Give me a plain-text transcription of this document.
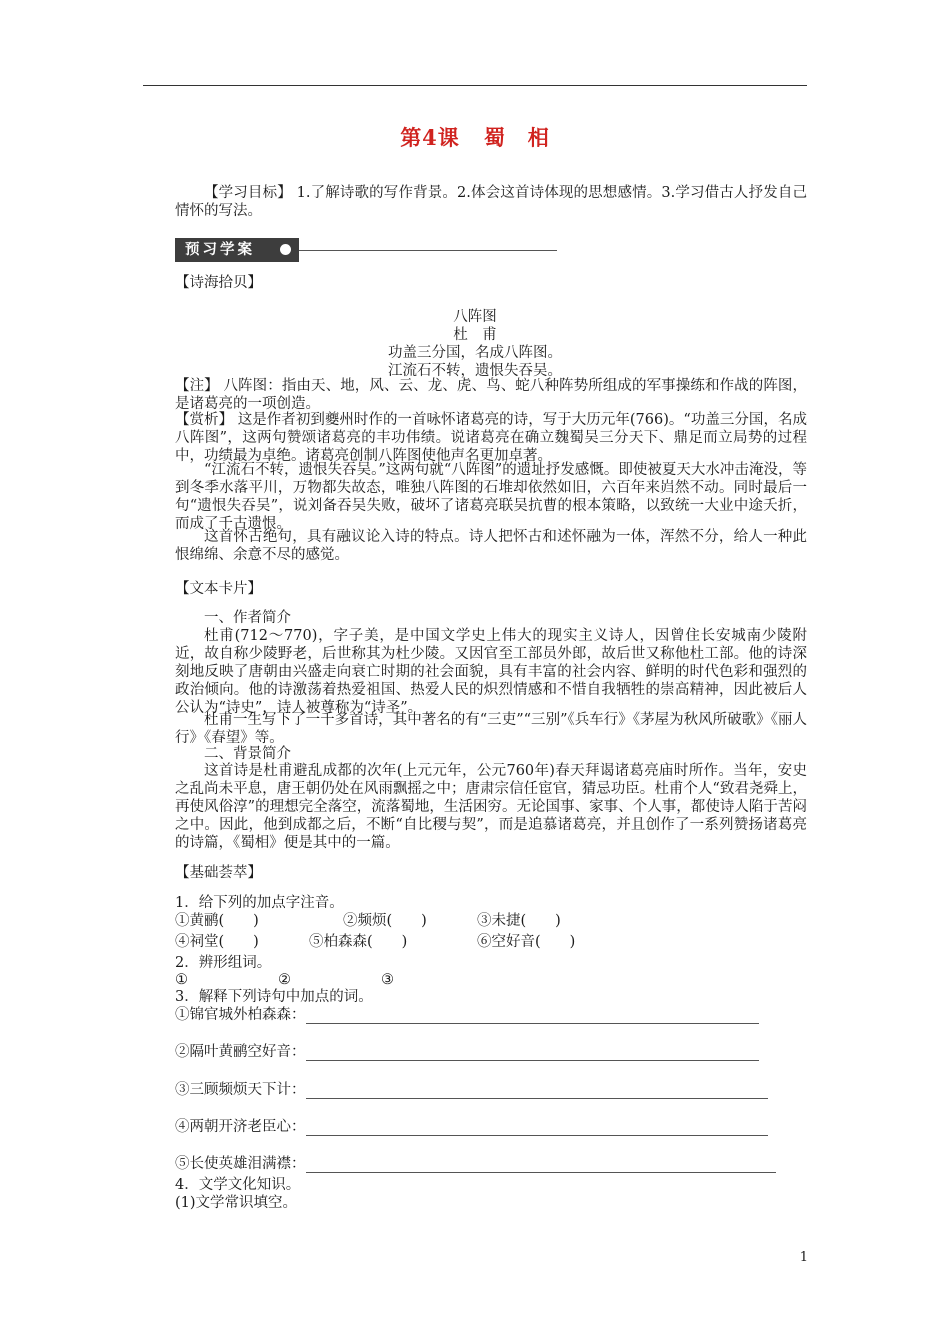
第4课 蜀　相
【学习目标】 1.了解诗歌的写作背景。2.体会这首诗体现的思想感情。3.学习借古人抒发自己情怀的写法。
预习学案
【诗海拾贝】
八阵图
杜　甫
功盖三分国，名成八阵图。
江流石不转，遗恨失吞吴。
【注】 八阵图：指由天、地，风、云、龙、虎、鸟、蛇八种阵势所组成的军事操练和作战的阵图，是诸葛亮的一项创造。
【赏析】 这是作者初到夔州时作的一首咏怀诸葛亮的诗，写于大历元年(766)。“功盖三分国，名成八阵图”，这两句赞颂诸葛亮的丰功伟绩。说诸葛亮在确立魏蜀吴三分天下、鼎足而立局势的过程中，功绩最为卓绝。诸葛亮创制八阵图使他声名更加卓著。
“江流石不转，遗恨失吞吴。”这两句就“八阵图”的遗址抒发感慨。即使被夏天大水冲击淹没，等到冬季水落平川，万物都失故态，唯独八阵图的石堆却依然如旧，六百年来岿然不动。同时最后一句“遗恨失吞吴”，说刘备吞吴失败，破坏了诸葛亮联吴抗曹的根本策略，以致统一大业中途夭折，而成了千古遗恨。
这首怀古绝句，具有融议论入诗的特点。诗人把怀古和述怀融为一体，浑然不分，给人一种此恨绵绵、余意不尽的感觉。
【文本卡片】
一、作者简介
杜甫(712～770)，字子美，是中国文学史上伟大的现实主义诗人，因曾住长安城南少陵附近，故自称少陵野老，后世称其为杜少陵。又因官至工部员外郎，故后世又称他杜工部。他的诗深刻地反映了唐朝由兴盛走向衰亡时期的社会面貌，具有丰富的社会内容、鲜明的时代色彩和强烈的政治倾向。他的诗激荡着热爱祖国、热爱人民的炽烈情感和不惜自我牺牲的崇高精神，因此被后人公认为“诗史”，诗人被尊称为“诗圣”。
杜甫一生写下了一千多首诗，其中著名的有“三吏”“三别”《兵车行》《茅屋为秋风所破歌》《丽人行》《春望》等。
二、背景简介
这首诗是杜甫避乱成都的次年(上元元年，公元760年)春天拜谒诸葛亮庙时所作。当年，安史之乱尚未平息，唐王朝仍处在风雨飘摇之中；唐肃宗信任宦官，猜忌功臣。杜甫个人“致君尧舜上，再使风俗淳”的理想完全落空，流落蜀地，生活困穷。无论国事、家事、个人事，都使诗人陷于苦闷之中。因此，他到成都之后，不断“自比稷与契”，而是追慕诸葛亮，并且创作了一系列赞扬诸葛亮的诗篇，《蜀相》便是其中的一篇。
【基础荟萃】
1．给下列的加点字注音。
①黄鹂(　　)	②频烦(　　)	③未捷(　　)
④祠堂(　　)	⑤柏森森(　　)	⑥空好音(　　)
2．辨形组词。
①	②	③
3．解释下列诗句中加点的词。
①锦官城外柏森森：
②隔叶黄鹂空好音：
③三顾频烦天下计：
④两朝开济老臣心：
⑤长使英雄泪满襟：
4．文学文化知识。
(1)文学常识填空。
1
